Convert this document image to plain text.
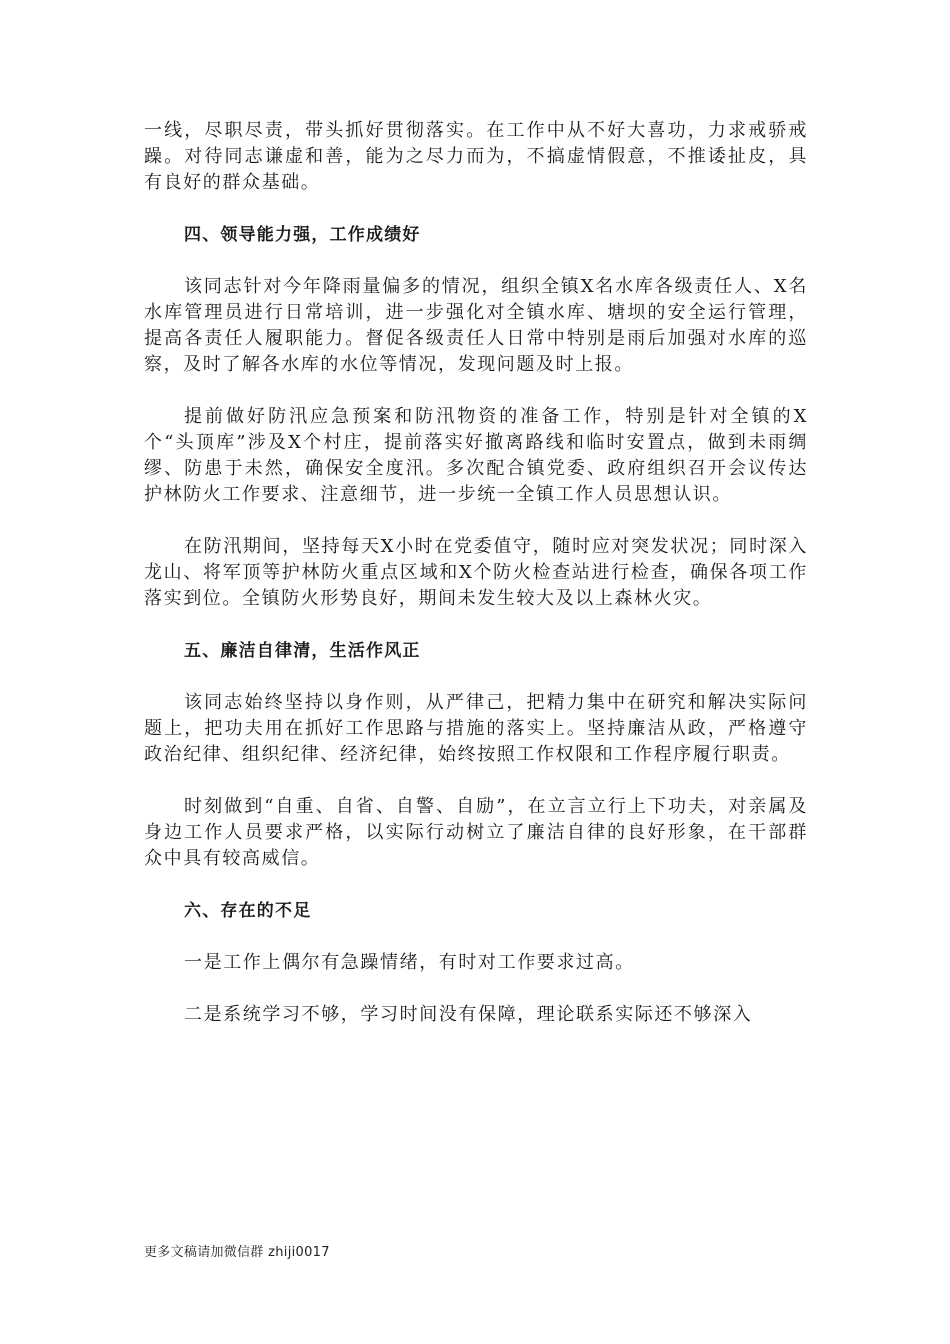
一线，尽职尽责，带头抓好贯彻落实。在工作中从不好大喜功，力求戒骄戒躁。对待同志谦虚和善，能为之尽力而为，不搞虚情假意，不推诿扯皮，具有良好的群众基础。

四、领导能力强，工作成绩好

该同志针对今年降雨量偏多的情况，组织全镇X名水库各级责任人、X名水库管理员进行日常培训，进一步强化对全镇水库、塘坝的安全运行管理，提高各责任人履职能力。督促各级责任人日常中特别是雨后加强对水库的巡察，及时了解各水库的水位等情况，发现问题及时上报。

提前做好防汛应急预案和防汛物资的准备工作，特别是针对全镇的X个“头顶库”涉及X个村庄，提前落实好撤离路线和临时安置点，做到未雨绸缪、防患于未然，确保安全度汛。多次配合镇党委、政府组织召开会议传达护林防火工作要求、注意细节，进一步统一全镇工作人员思想认识。

在防汛期间，坚持每天X小时在党委值守，随时应对突发状况；同时深入龙山、将军顶等护林防火重点区域和X个防火检查站进行检查，确保各项工作落实到位。全镇防火形势良好，期间未发生较大及以上森林火灾。

五、廉洁自律清，生活作风正

该同志始终坚持以身作则，从严律己，把精力集中在研究和解决实际问题上，把功夫用在抓好工作思路与措施的落实上。坚持廉洁从政，严格遵守政治纪律、组织纪律、经济纪律，始终按照工作权限和工作程序履行职责。

时刻做到“自重、自省、自警、自励”，在立言立行上下功夫，对亲属及身边工作人员要求严格，以实际行动树立了廉洁自律的良好形象，在干部群众中具有较高威信。

六、存在的不足

一是工作上偶尔有急躁情绪，有时对工作要求过高。

二是系统学习不够，学习时间没有保障，理论联系实际还不够深入

更多文稿请加微信群 zhiji0017
